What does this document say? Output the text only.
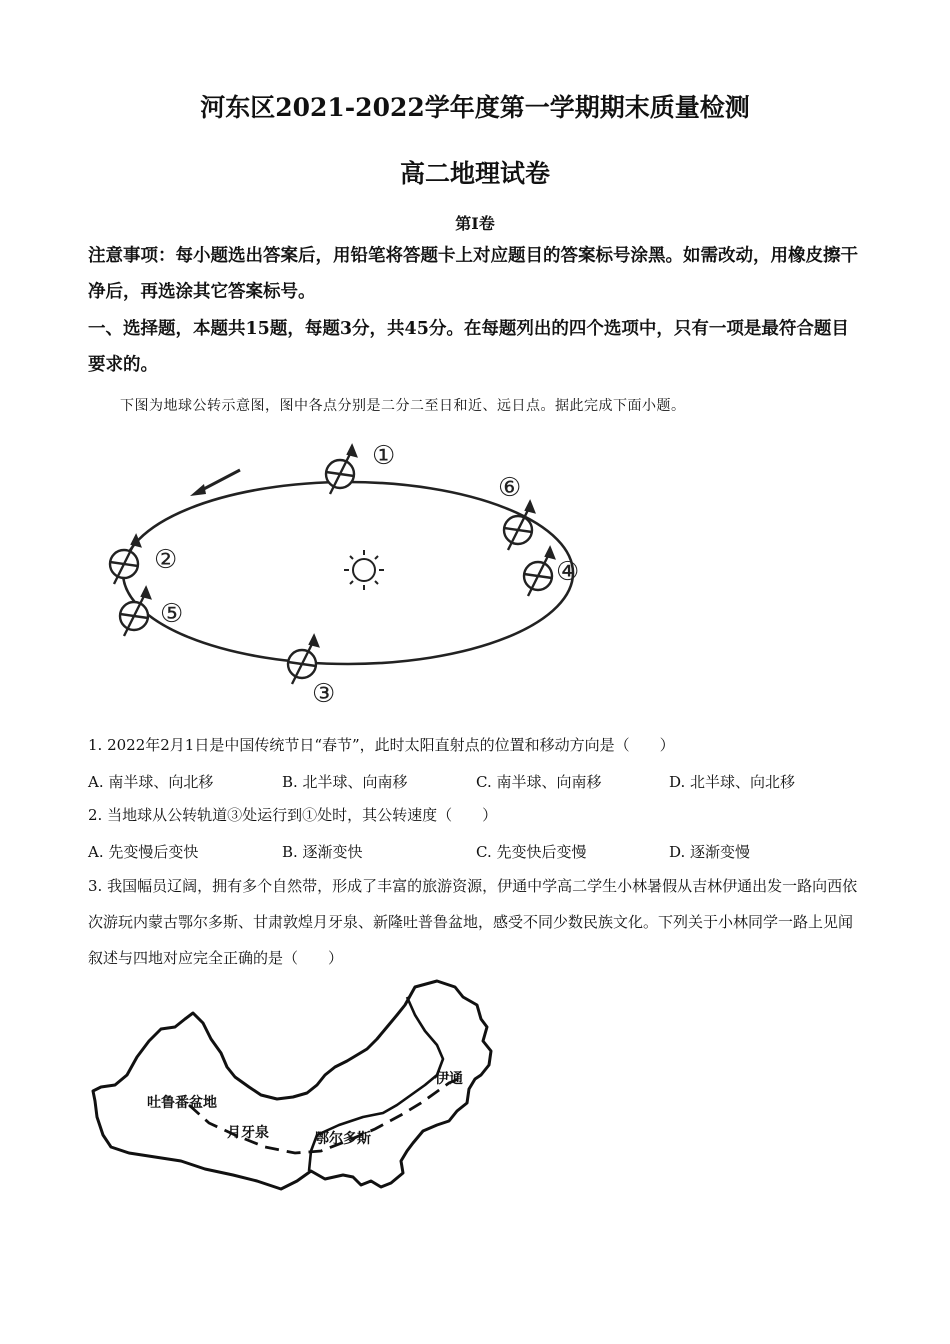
河东区2021-2022学年度第一学期期末质量检测
高二地理试卷
第I卷
注意事项：每小题选出答案后，用铅笔将答题卡上对应题目的答案标号涂黑。如需改动，用橡皮擦干净后，再选涂其它答案标号。
一、选择题，本题共15题，每题3分，共45分。在每题列出的四个选项中，只有一项是最符合题目要求的。
下图为地球公转示意图，图中各点分别是二分二至日和近、远日点。据此完成下面小题。
①
⑥
④
②
⑤
③
1. 2022年2月1日是中国传统节日“春节”，此时太阳直射点的位置和移动方向是（　　）
A. 南半球、向北移	B. 北半球、向南移	C. 南半球、向南移	D. 北半球、向北移
2. 当地球从公转轨道③处运行到①处时，其公转速度（　　）
A. 先变慢后变快	B. 逐渐变快	C. 先变快后变慢	D. 逐渐变慢
3. 我国幅员辽阔，拥有多个自然带，形成了丰富的旅游资源，伊通中学高二学生小林暑假从吉林伊通出发一路向西依次游玩内蒙古鄂尔多斯、甘肃敦煌月牙泉、新隆吐普鲁盆地，感受不同少数民族文化。下列关于小林同学一路上见闻叙述与四地对应完全正确的是（　　）
吐鲁番盆地
月牙泉	鄂尔多斯
伊通
